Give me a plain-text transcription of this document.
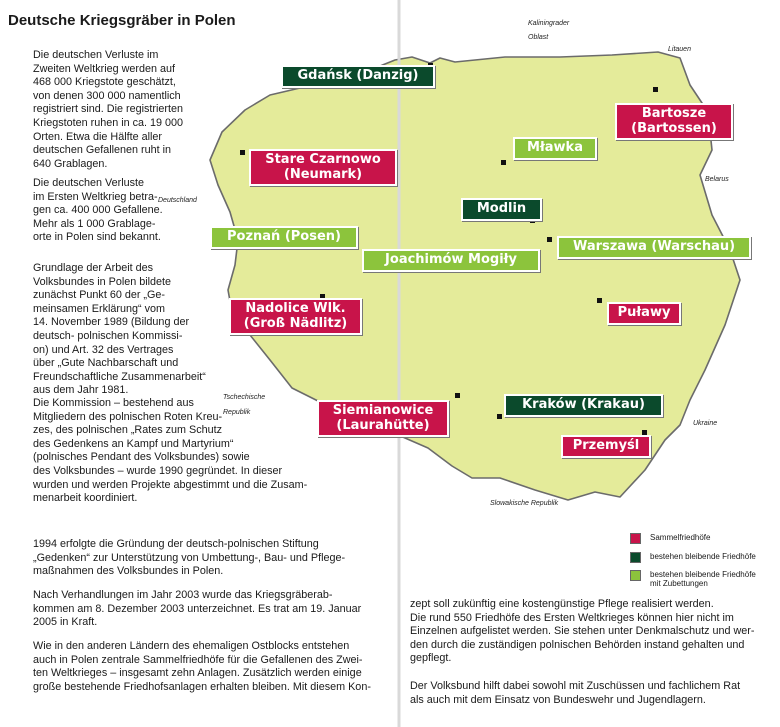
Deutsche Kriegsgräber in Polen
Die deutschen Verluste im
Zweiten Weltkrieg werden auf
468 000 Kriegstote geschätzt,
von denen 300 000 namentlich
registriert sind. Die registrierten
Kriegstoten ruhen in ca. 19 000
Orten. Etwa die Hälfte aller
deutschen Gefallenen ruht in
640 Grablagen.
Die deutschen Verluste
im Ersten Weltkrieg betra-
gen ca. 400 000 Gefallene.
Mehr als 1 000 Grablage-
orte in Polen sind bekannt.
Grundlage der Arbeit des
Volksbundes in Polen bildete
zunächst Punkt 60 der „Ge-
meinsamen Erklärung“ vom
14. November 1989 (Bildung der
deutsch- polnischen Kommissi-
on) und Art. 32 des Vertrages
über „Gute Nachbarschaft und
Freundschaftliche Zusammenarbeit“
aus dem Jahr 1981.
Die Kommission – bestehend aus
Mitgliedern des polnischen Roten Kreu-
zes, des polnischen „Rates zum Schutz
des Gedenkens an Kampf und Martyrium“
(polnisches Pendant des Volksbundes) sowie
des Volksbundes – wurde 1990 gegründet. In dieser
wurden und werden Projekte abgestimmt und die Zusam-
menarbeit koordiniert.
1994 erfolgte die Gründung der deutsch-polnischen Stiftung
„Gedenken“ zur Unterstützung von Umbettung-, Bau- und Pflege-
maßnahmen des Volksbundes in Polen.
Nach Verhandlungen im Jahr 2003 wurde das Kriegsgräberab-
kommen am 8. Dezember 2003 unterzeichnet. Es trat am 19. Januar
2005 in Kraft.
Wie in den anderen Ländern des ehemaligen Ostblocks entstehen
auch in Polen zentrale Sammelfriedhöfe für die Gefallenen des Zwei-
ten Weltkrieges – insgesamt zehn Anlagen. Zusätzlich werden einige
große bestehende Friedhofsanlagen erhalten bleiben. Mit diesem Kon-
zept soll zukünftig eine kostengünstige Pflege realisiert werden.
Die rund 550 Friedhöfe des Ersten Weltkrieges können hier nicht im
Einzelnen aufgelistet werden. Sie stehen unter Denkmalschutz und wer-
den durch die zuständigen polnischen Behörden instand gehalten und
gepflegt.
Der Volksbund hilft dabei sowohl mit Zuschüssen und fachlichem Rat
als auch mit dem Einsatz von Bundeswehr und Jugendlagern.
Kaliningrader
Oblast
Litauen
Belarus
Deutschland
Tschechische
Republik
Ukraine
Slowakische Republik
Gdańsk (Danzig)
Bartosze
(Bartossen)
Stare Czarnowo
(Neumark)
Mławka
Modlin
Poznań (Posen)
Warszawa (Warschau)
Joachimów Mogiły
Nadolice Wlk.
(Groß Nädlitz)
Puławy
Siemianowice
(Laurahütte)
Kraków (Krakau)
Przemyśl
Sammelfriedhöfe
bestehen bleibende Friedhöfe
bestehen bleibende Friedhöfe
mit Zubettungen
